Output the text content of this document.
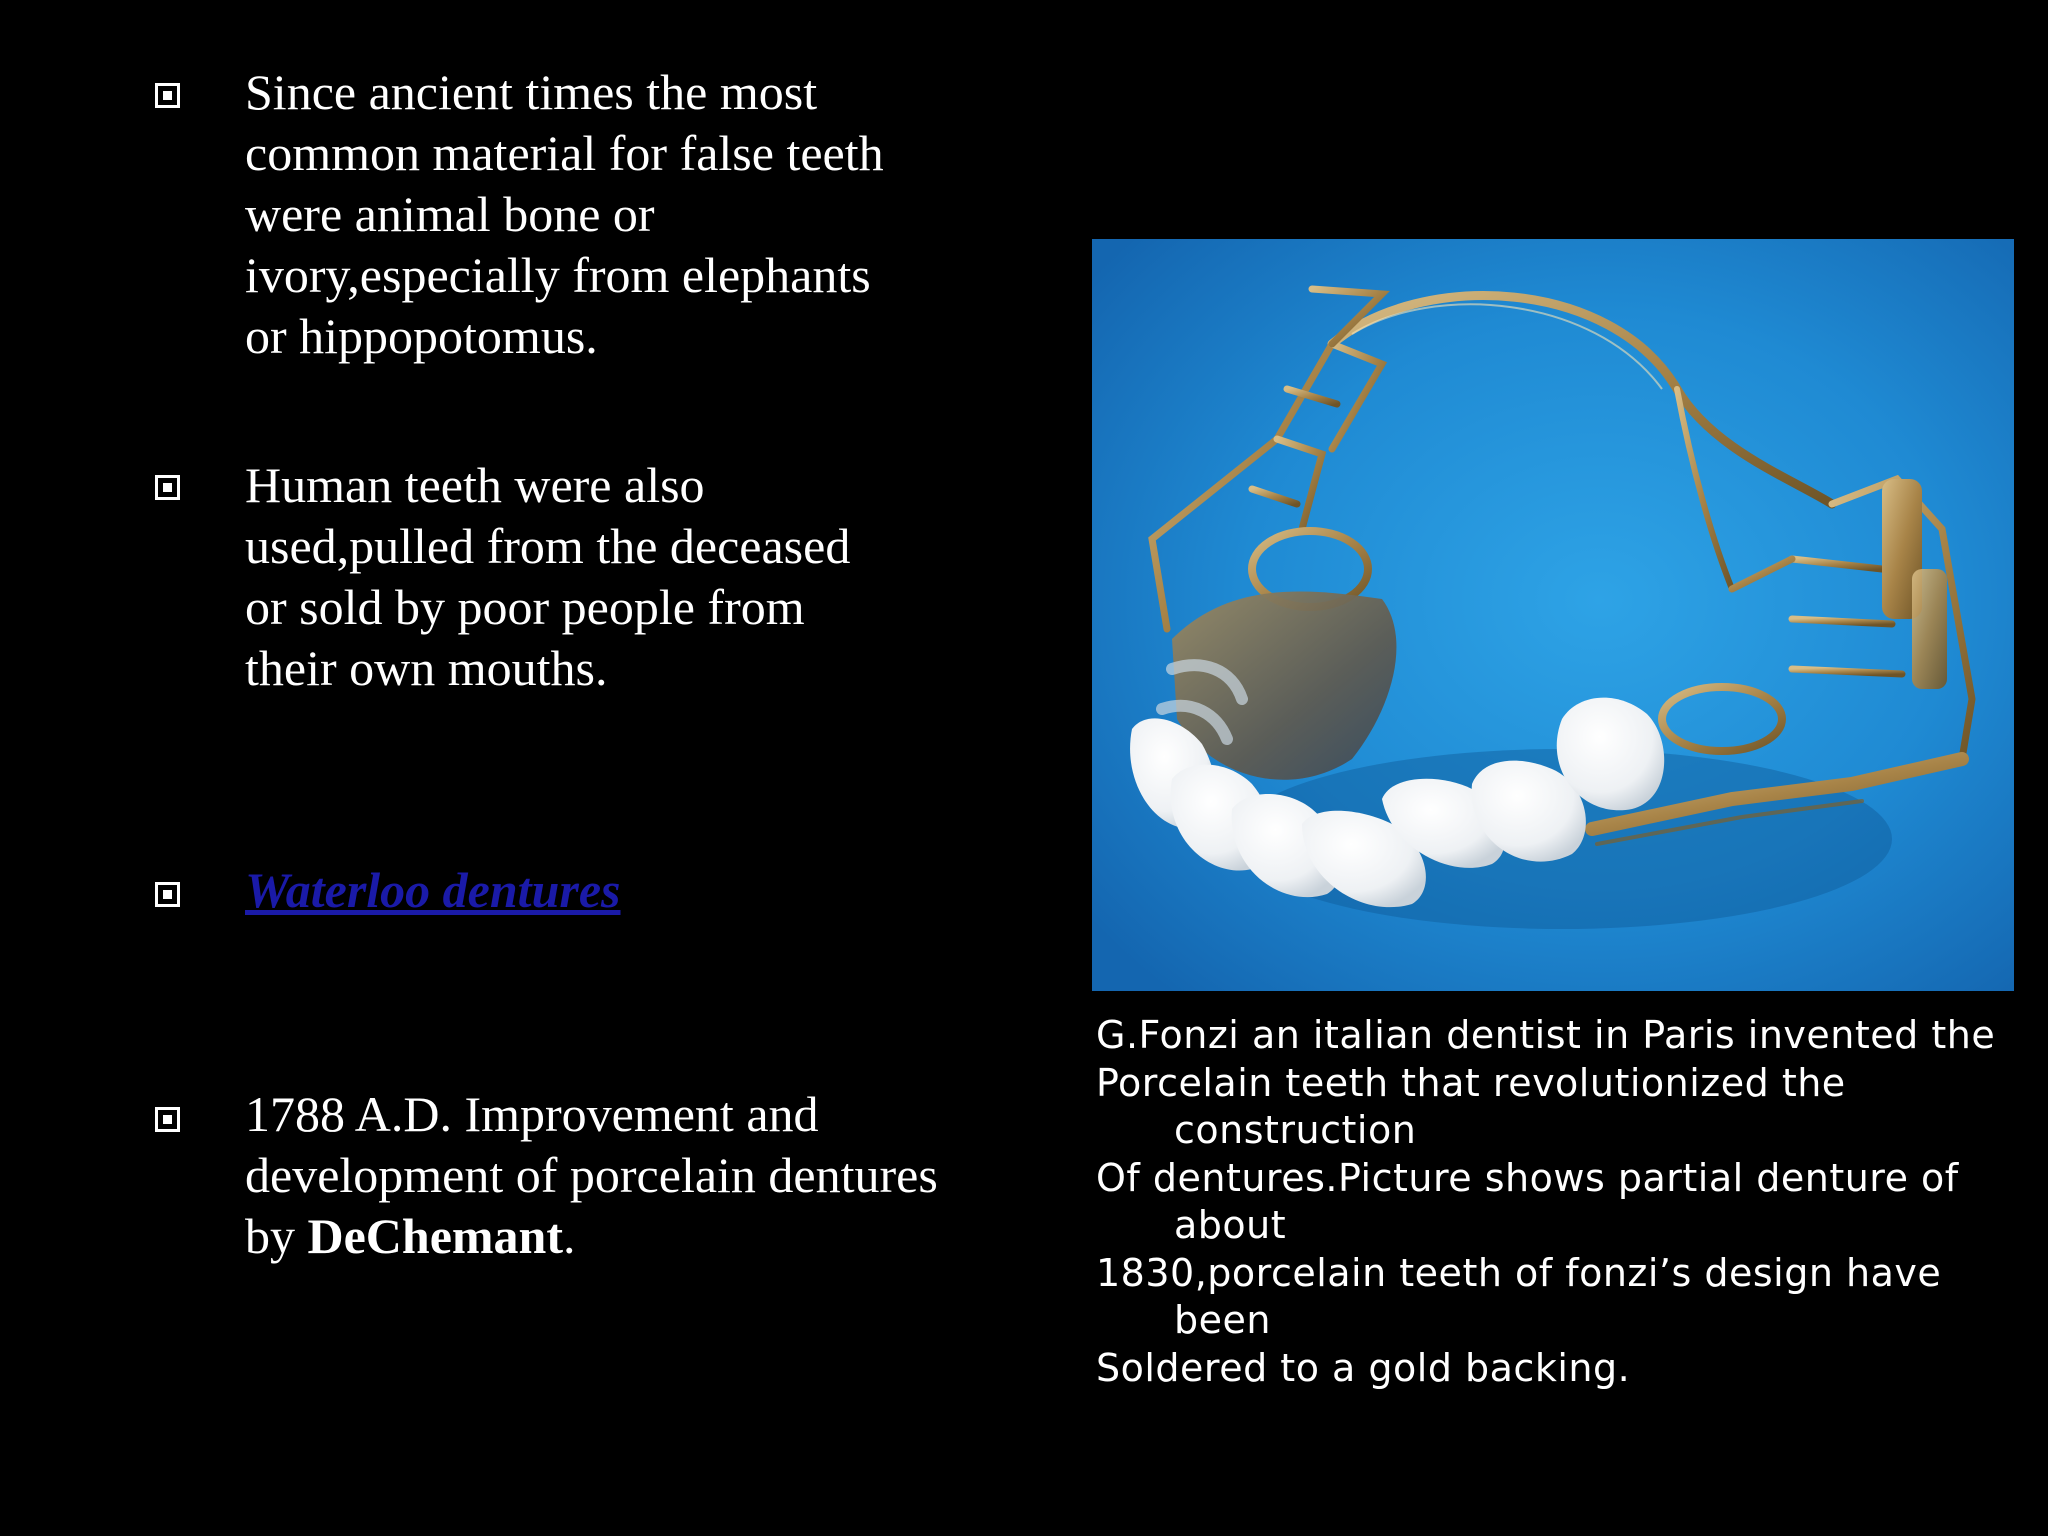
Since ancient times the most
common material for false teeth
were animal bone or
ivory,especially from elephants
or hippopotomus.
Human teeth were also
used,pulled from the deceased
or sold by poor people from
their own mouths.
Waterloo dentures
1788 A.D. Improvement and
development of porcelain dentures
by DeChemant.
G.Fonzi an italian dentist in Paris invented the
Porcelain teeth that revolutionized the
construction
Of dentures.Picture shows partial denture of
about
1830,porcelain teeth of fonzi’s design have
been
Soldered to a gold backing.
